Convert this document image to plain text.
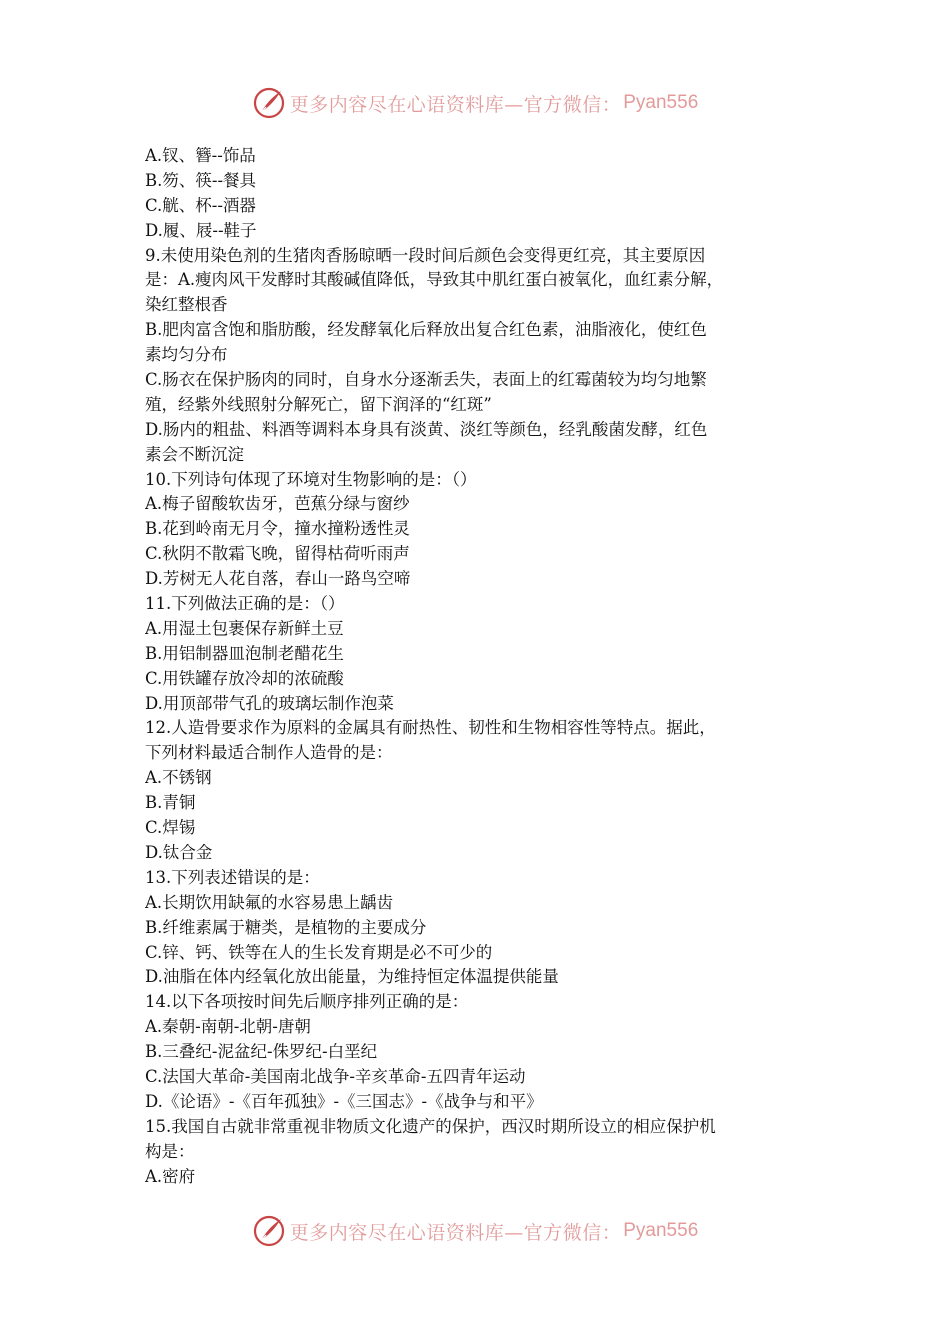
更多内容尽在心语资料库—官方微信： Pyan556
A.钗、簪--饰品
B.笏、筷--餐具
C.觥、杯--酒器
D.履、屐--鞋子
9.未使用染色剂的生猪肉香肠晾晒一段时间后颜色会变得更红亮，其主要原因
是：A.瘦肉风干发酵时其酸碱值降低，导致其中肌红蛋白被氧化，血红素分解，
染红整根香
B.肥肉富含饱和脂肪酸，经发酵氧化后释放出复合红色素，油脂液化，使红色
素均匀分布
C.肠衣在保护肠肉的同时，自身水分逐渐丢失，表面上的红霉菌较为均匀地繁
殖，经紫外线照射分解死亡，留下润泽的“红斑”
D.肠内的粗盐、料酒等调料本身具有淡黄、淡红等颜色，经乳酸菌发酵，红色
素会不断沉淀
10.下列诗句体现了环境对生物影响的是：（）
A.梅子留酸软齿牙，芭蕉分绿与窗纱
B.花到岭南无月令，撞水撞粉透性灵
C.秋阴不散霜飞晚，留得枯荷听雨声
D.芳树无人花自落，春山一路鸟空啼
11.下列做法正确的是：（）
A.用湿土包裹保存新鲜土豆
B.用铝制器皿泡制老醋花生
C.用铁罐存放冷却的浓硫酸
D.用顶部带气孔的玻璃坛制作泡菜
12.人造骨要求作为原料的金属具有耐热性、韧性和生物相容性等特点。据此，
下列材料最适合制作人造骨的是：
A.不锈钢
B.青铜
C.焊锡
D.钛合金
13.下列表述错误的是：
A.长期饮用缺氟的水容易患上龋齿
B.纤维素属于糖类，是植物的主要成分
C.锌、钙、铁等在人的生长发育期是必不可少的
D.油脂在体内经氧化放出能量，为维持恒定体温提供能量
14.以下各项按时间先后顺序排列正确的是：
A.秦朝-南朝-北朝-唐朝
B.三叠纪-泥盆纪-侏罗纪-白垩纪
C.法国大革命-美国南北战争-辛亥革命-五四青年运动
D.《论语》-《百年孤独》-《三国志》-《战争与和平》
15.我国自古就非常重视非物质文化遗产的保护，西汉时期所设立的相应保护机
构是：
A.密府
更多内容尽在心语资料库—官方微信： Pyan556
